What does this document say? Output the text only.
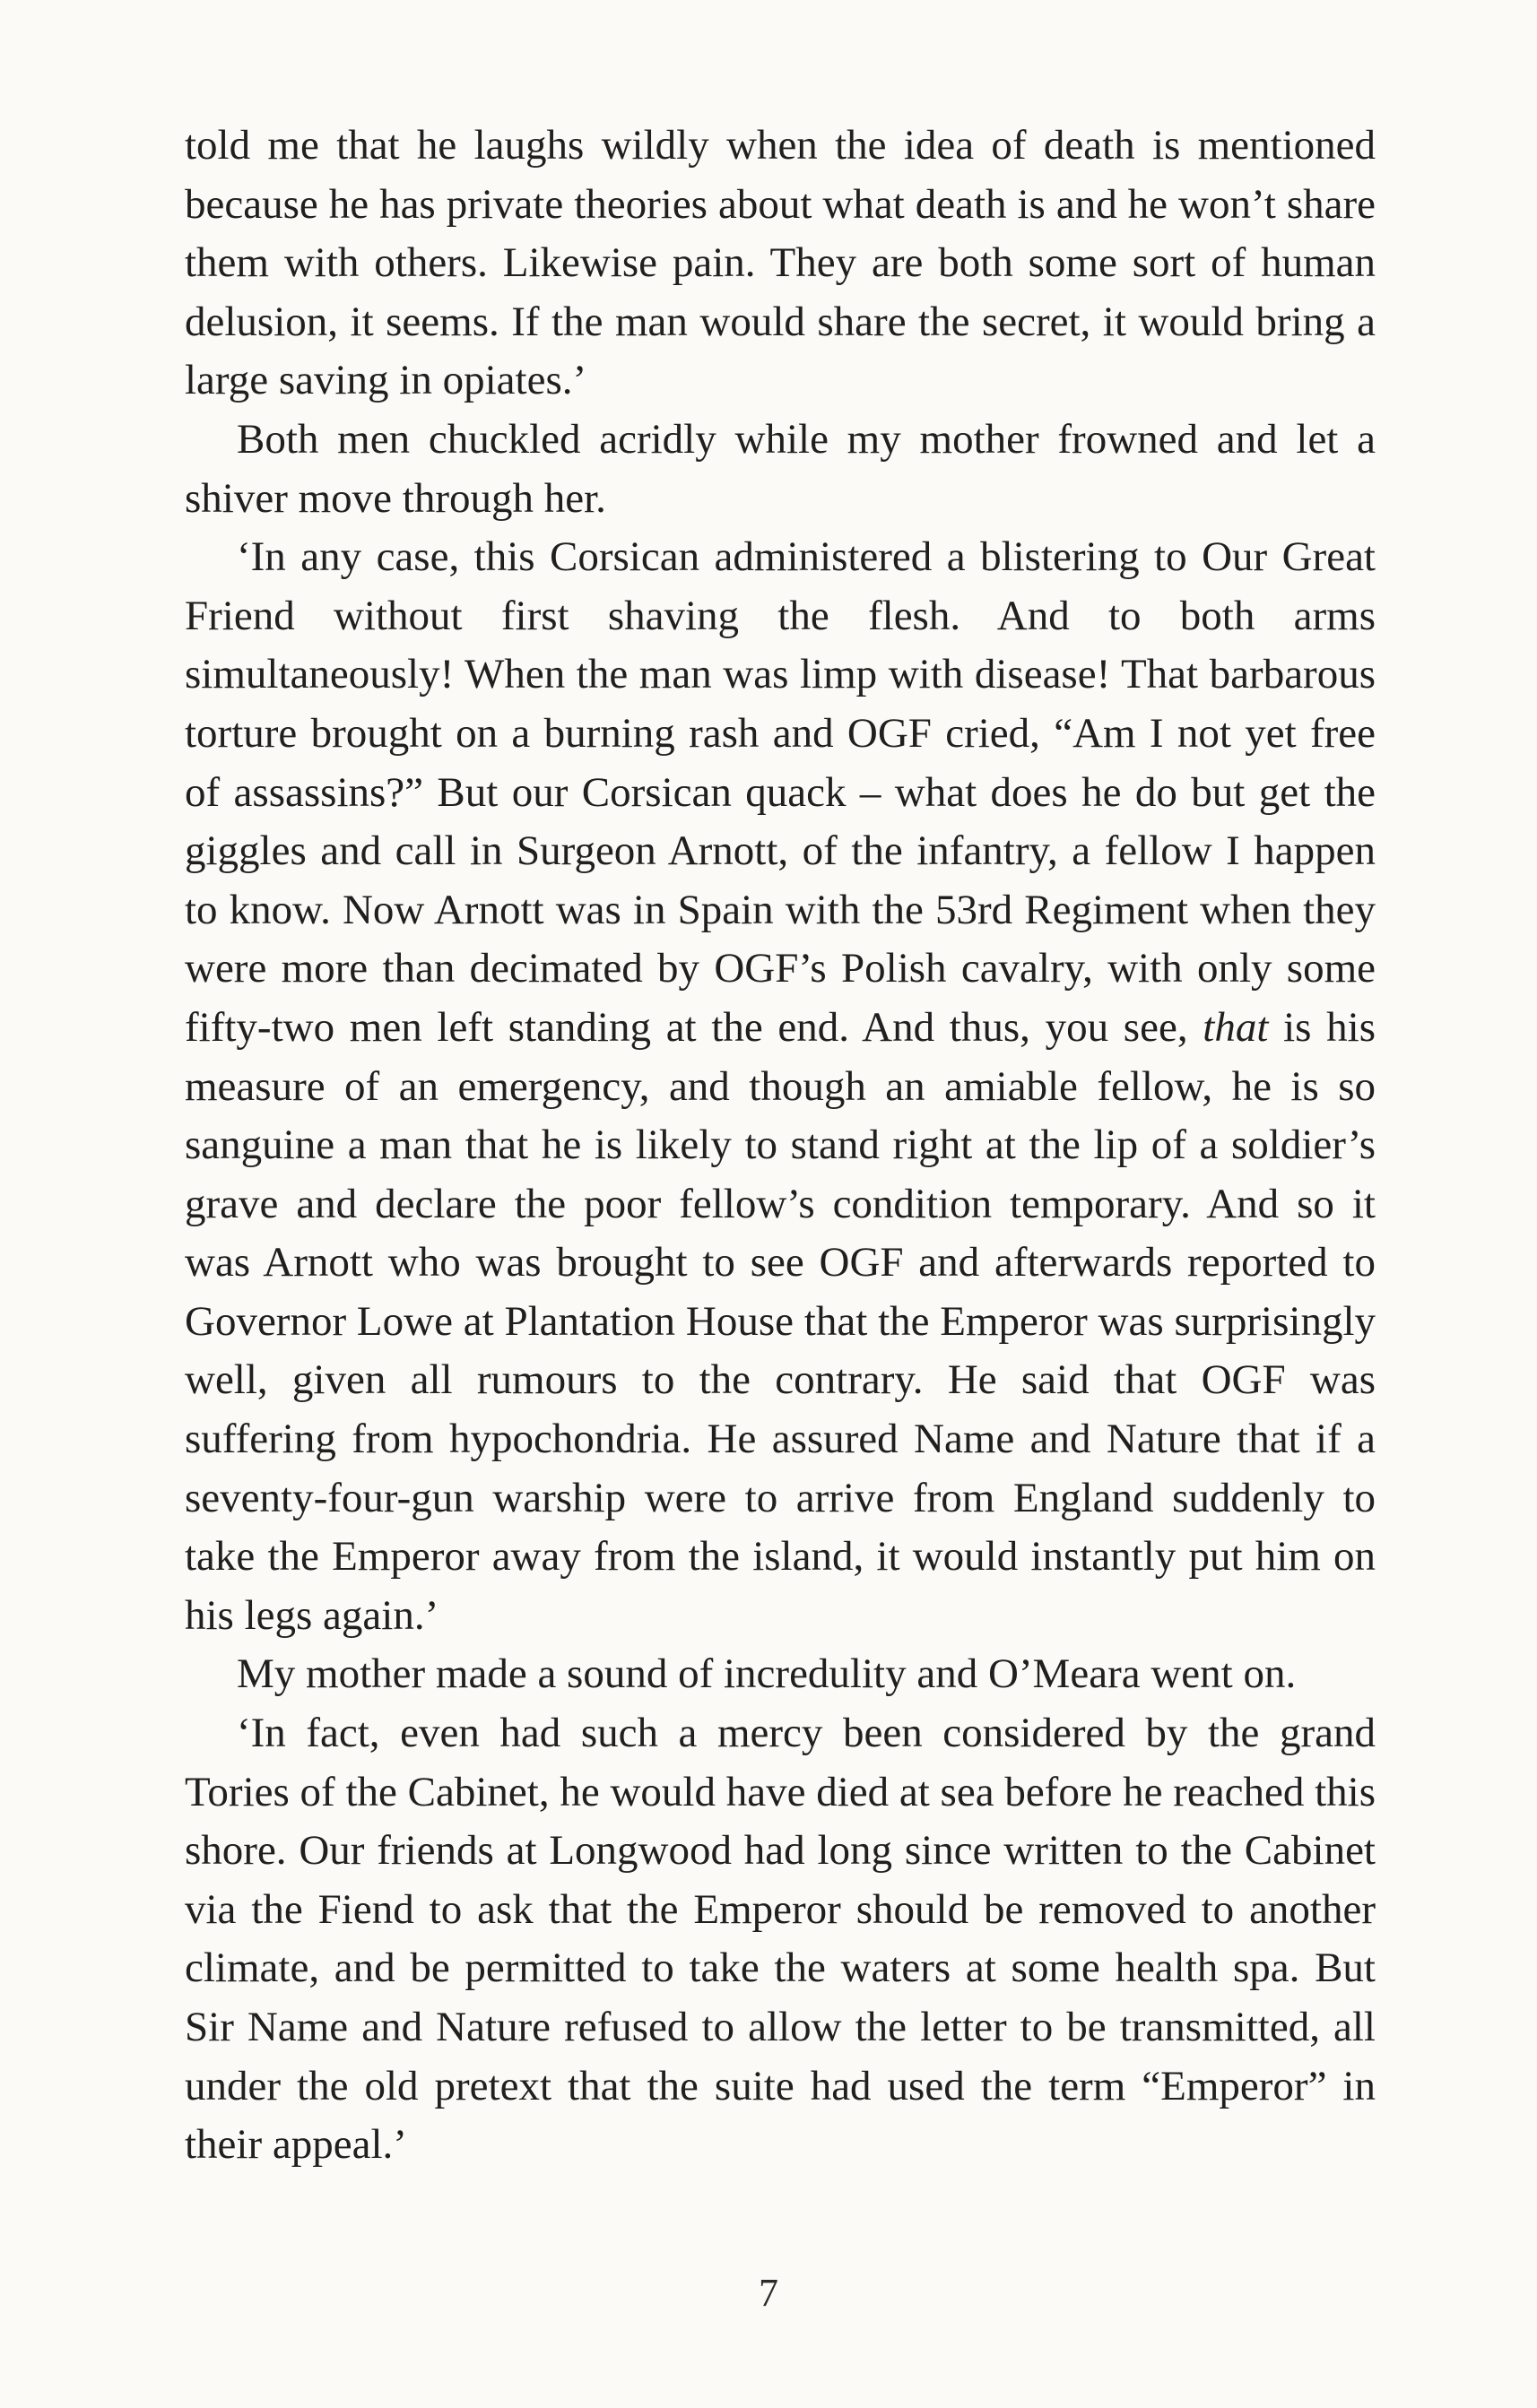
told me that he laughs wildly when the idea of death is mentioned because he has private theories about what death is and he won’t share them with others. Likewise pain. They are both some sort of human delusion, it seems. If the man would share the secret, it would bring a large saving in opiates.’

Both men chuckled acridly while my mother frowned and let a shiver move through her.

‘In any case, this Corsican administered a blistering to Our Great Friend without first shaving the flesh. And to both arms simultaneously! When the man was limp with disease! That barbarous torture brought on a burning rash and OGF cried, “Am I not yet free of assassins?” But our Corsican quack – what does he do but get the giggles and call in Surgeon Arnott, of the infantry, a fellow I happen to know. Now Arnott was in Spain with the 53rd Regiment when they were more than decimated by OGF’s Polish cavalry, with only some fifty-two men left standing at the end. And thus, you see, that is his measure of an emergency, and though an amiable fellow, he is so sanguine a man that he is likely to stand right at the lip of a soldier’s grave and declare the poor fellow’s condition temporary. And so it was Arnott who was brought to see OGF and afterwards reported to Governor Lowe at Plantation House that the Emperor was surprisingly well, given all rumours to the contrary. He said that OGF was suffering from hypochondria. He assured Name and Nature that if a seventy-four-gun warship were to arrive from England suddenly to take the Emperor away from the island, it would instantly put him on his legs again.’

My mother made a sound of incredulity and O’Meara went on.

‘In fact, even had such a mercy been considered by the grand Tories of the Cabinet, he would have died at sea before he reached this shore. Our friends at Longwood had long since written to the Cabinet via the Fiend to ask that the Emperor should be removed to another climate, and be permitted to take the waters at some health spa. But Sir Name and Nature refused to allow the letter to be transmitted, all under the old pretext that the suite had used the term “Emperor” in their appeal.’

7
